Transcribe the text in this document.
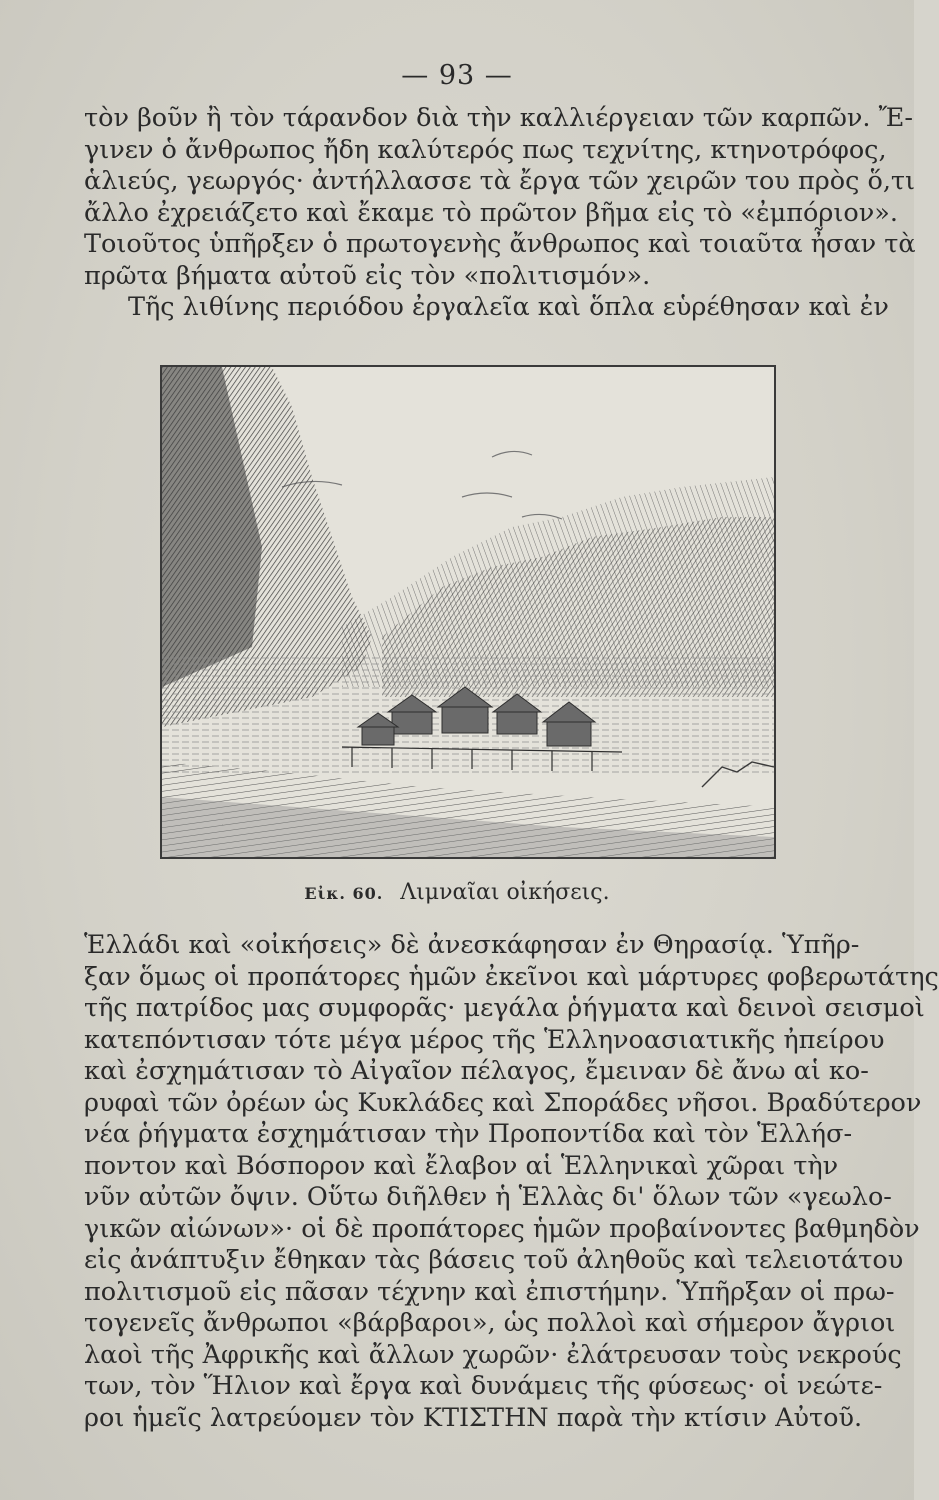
— 93 —
τὸν βοῦν ἢ τὸν τάρανδον διὰ τὴν καλλιέργειαν τῶν καρπῶν. Ἔ-
γινεν ὁ ἄνθρωπος ἤδη καλύτερός πως τεχνίτης, κτηνοτρόφος,
ἁλιεύς, γεωργός· ἀντήλλασσε τὰ ἔργα τῶν χειρῶν του πρὸς ὅ,τι
ἄλλο ἐχρειάζετο καὶ ἔκαμε τὸ πρῶτον βῆμα εἰς τὸ «ἐμπόριον».
Τοιοῦτος ὑπῆρξεν ὁ πρωτογενὴς ἄνθρωπος καὶ τοιαῦτα ἦσαν τὰ
πρῶτα βήματα αὐτοῦ εἰς τὸν «πολιτισμόν».
Τῆς λιθίνης περιόδου ἐργαλεῖα καὶ ὅπλα εὑρέθησαν καὶ ἐν
Εἰκ. 60. Λιμναῖαι οἰκήσεις.
Ἑλλάδι καὶ «οἰκήσεις» δὲ ἀνεσκάφησαν ἐν Θηρασίᾳ. Ὑπῆρ-
ξαν ὅμως οἱ προπάτορες ἡμῶν ἐκεῖνοι καὶ μάρτυρες φοβερωτάτης
τῆς πατρίδος μας συμφορᾶς· μεγάλα ῥήγματα καὶ δεινοὶ σεισμοὶ
κατεπόντισαν τότε μέγα μέρος τῆς Ἑλληνοασιατικῆς ἠπείρου
καὶ ἐσχημάτισαν τὸ Αἰγαῖον πέλαγος, ἔμειναν δὲ ἄνω αἱ κο-
ρυφαὶ τῶν ὀρέων ὡς Κυκλάδες καὶ Σποράδες νῆσοι. Βραδύτερον
νέα ῥήγματα ἐσχημάτισαν τὴν Προποντίδα καὶ τὸν Ἑλλήσ-
ποντον καὶ Βόσπορον καὶ ἔλαβον αἱ Ἑλληνικαὶ χῶραι τὴν
νῦν αὐτῶν ὄψιν. Οὕτω διῆλθεν ἡ Ἑλλὰς δι' ὅλων τῶν «γεωλο-
γικῶν αἰώνων»· οἱ δὲ προπάτορες ἡμῶν προβαίνοντες βαθμηδὸν
εἰς ἀνάπτυξιν ἔθηκαν τὰς βάσεις τοῦ ἀληθοῦς καὶ τελειοτάτου
πολιτισμοῦ εἰς πᾶσαν τέχνην καὶ ἐπιστήμην. Ὑπῆρξαν οἱ πρω-
τογενεῖς ἄνθρωποι «βάρβαροι», ὡς πολλοὶ καὶ σήμερον ἄγριοι
λαοὶ τῆς Ἀφρικῆς καὶ ἄλλων χωρῶν· ἐλάτρευσαν τοὺς νεκρούς
των, τὸν Ἥλιον καὶ ἔργα καὶ δυνάμεις τῆς φύσεως· οἱ νεώτε-
ροι ἡμεῖς λατρεύομεν τὸν ΚΤΙΣΤΗΝ παρὰ τὴν κτίσιν Αὐτοῦ.
